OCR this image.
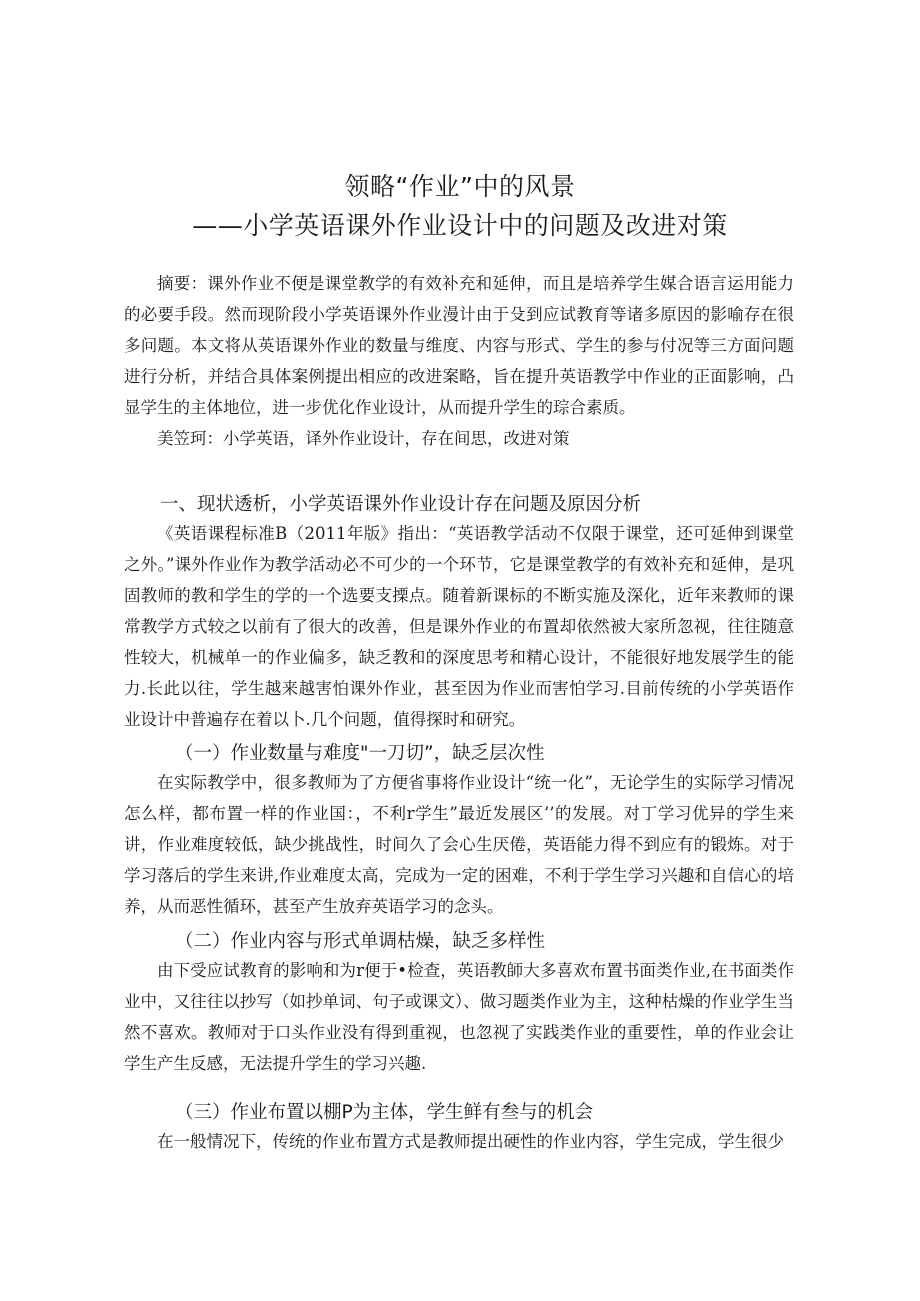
领略“作业”中的风景
——小学英语课外作业设计中的问题及改进对策

摘要：课外作业不便是课堂教学的有效补充和延伸，而且是培养学生媒合语言运用能力的必要手段。然而现阶段小学英语课外作业漫计由于殳到应试教育等诸多原因的影喻存在很多问题。本文将从英语课外作业的数量与维度、内容与形式、学生的参与付况等三方面问题进行分析，并结合具体案例提出相应的改进案略，旨在提升英语教学中作业的正面影响，凸显学生的主体地位，进一步优化作业设计，从而提升学生的琮合素质。

美笠珂：小学英语，译外作业设计，存在间思，改进对策

一、现状透析，小学英语课外作业设计存在问题及原因分析

《英语课程标准B（2011年版》指出：“英语教学活动不仅限于课堂，还可延伸到课堂之外。”课外作业作为教学活动必不可少的一个环节，它是课堂教学的有效补充和延伸，是巩固教师的教和学生的学的一个选要支搮点。随着新课标的不断实施及深化，近年来教师的课常教学方式较之以前有了很大的改善，但是课外作业的布置却依然被大家所忽视，往往随意性较大，机械单一的作业偏多，缺乏教和的深度思考和精心设计，不能很好地发展学生的能力.长此以往，学生越来越害怕课外作业，甚至因为作业而害怕学习.目前传统的小学英语作业设计中普遍存在着以卜.几个问题，值得探时和研究。

（一）作业数量与难度"一刀切”，缺乏层次性

在实际教学中，很多教师为了方便省事将作业设计“统一化”，无论学生的实际学习情况怎么样，都布置一样的作业国：，不利r学生”最近发展区’’的发展。对丁学习优异的学生来讲，作业难度较低，缺少挑战性，时间久了会心生厌倦，英语能力得不到应有的锻炼。对于学习落后的学生来讲,作业难度太高，完成为一定的困难，不利于学生学习兴趣和自信心的培养，从而恶性循环，甚至产生放弃英语学习的念头。

（二）作业内容与形式单调枯燥，缺乏多样性

由下受应试教育的影响和为r便于•检查，英语教師大多喜欢布置书面类作业,在书面类作业中，又往往以抄写（如抄单词、句子或课文）、做习题类作业为主，这种枯燥的作业学生当然不喜欢。教师对于口头作业没有得到重视，也忽视了实践类作业的重要性，单的作业会让学生产生反感，无法提升学生的学习兴趣.

（三）作业布置以棚P为主体，学生鲜有叁与的机会

在一般情况下，传统的作业布置方式是教师提出硬性的作业内容，学生完成，学生很少
